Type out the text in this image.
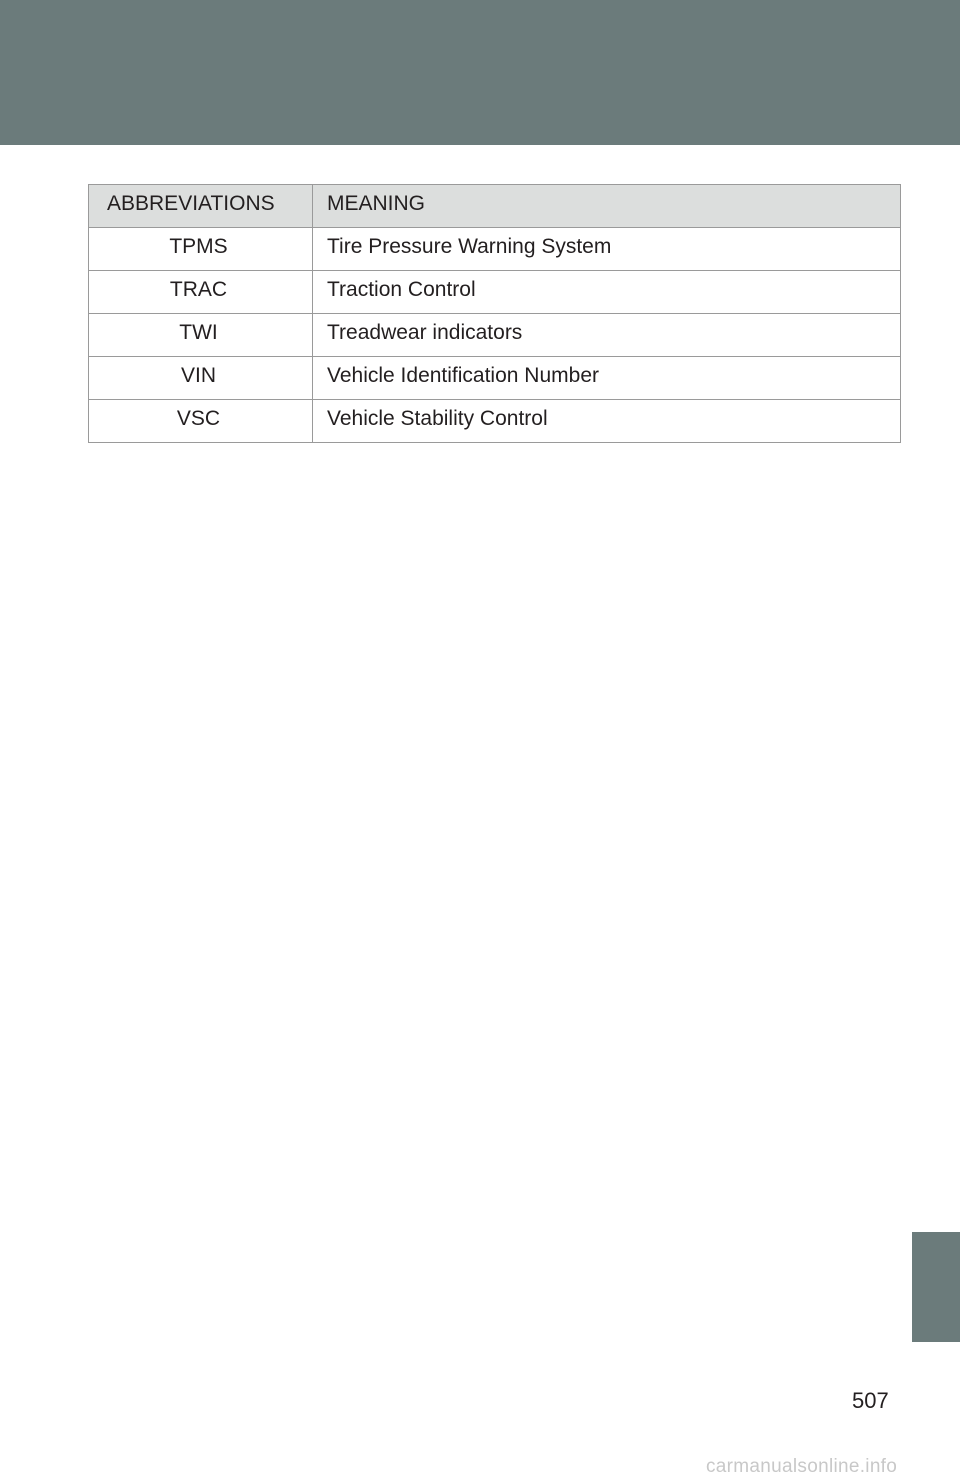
ABBREVIATIONS	MEANING
TPMS	Tire Pressure Warning System
TRAC	Traction Control
TWI	Treadwear indicators
VIN	Vehicle Identification Number
VSC	Vehicle Stability Control
507
carmanualsonline.info
